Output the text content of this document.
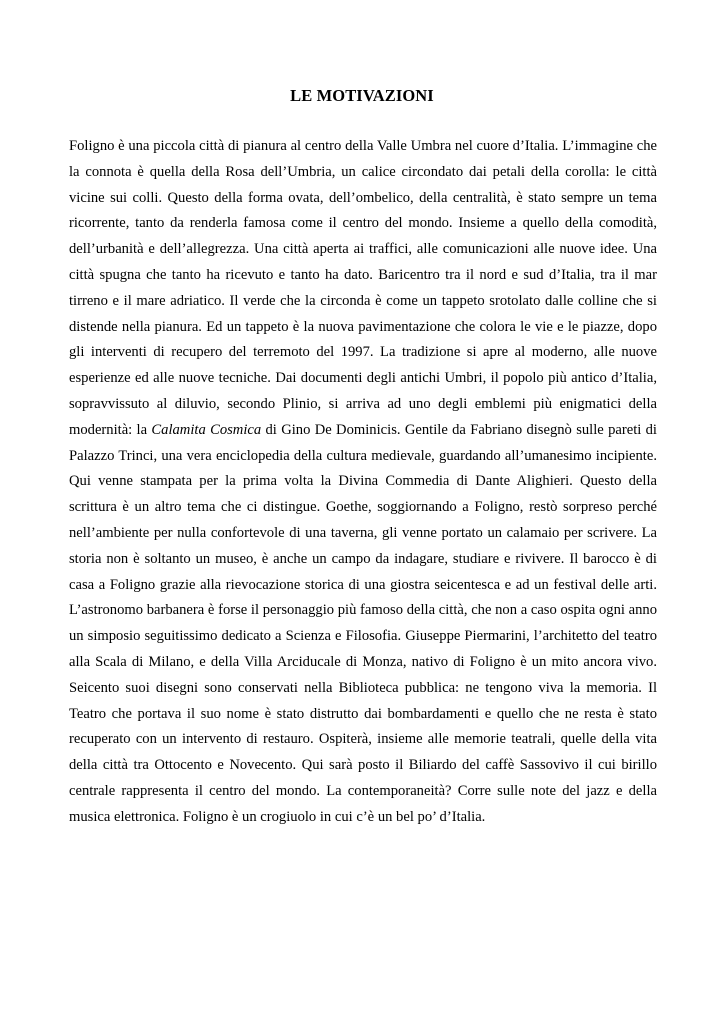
LE MOTIVAZIONI

Foligno è una piccola città di pianura al centro della Valle Umbra nel cuore d’Italia. L’immagine che la connota è quella della Rosa dell’Umbria, un calice circondato dai petali della corolla: le città vicine sui colli. Questo della forma ovata, dell’ombelico, della centralità, è stato sempre un tema ricorrente, tanto da renderla famosa come il centro del mondo. Insieme a quello della comodità, dell’urbanità e dell’allegrezza. Una città aperta ai traffici, alle comunicazioni alle nuove idee. Una città spugna che tanto ha ricevuto e tanto ha dato. Baricentro tra il nord e sud d’Italia, tra il mar tirreno e il mare adriatico. Il verde che la circonda è come un tappeto srotolato dalle colline che si distende nella pianura. Ed un tappeto è la nuova pavimentazione che colora le vie e le piazze, dopo gli interventi di recupero del terremoto del 1997. La tradizione si apre al moderno, alle nuove esperienze ed alle nuove tecniche. Dai documenti degli antichi Umbri, il popolo più antico d’Italia, sopravvissuto al diluvio, secondo Plinio, si arriva ad uno degli emblemi più enigmatici della modernità: la Calamita Cosmica di Gino De Dominicis. Gentile da Fabriano disegnò sulle pareti di Palazzo Trinci, una vera enciclopedia della cultura medievale, guardando all’umanesimo incipiente. Qui venne stampata per la prima volta la Divina Commedia di Dante Alighieri. Questo della scrittura è un altro tema che ci distingue. Goethe, soggiornando a Foligno, restò sorpreso perché nell’ambiente per nulla confortevole di una taverna, gli venne portato un calamaio per scrivere. La storia non è soltanto un museo, è anche un campo da indagare, studiare e rivivere. Il barocco è di casa a Foligno grazie alla rievocazione storica di una giostra seicentesca e ad un festival delle arti. L’astronomo barbanera è forse il personaggio più famoso della città, che non a caso ospita ogni anno un simposio seguitissimo dedicato a Scienza e Filosofia. Giuseppe Piermarini, l’architetto del teatro alla Scala di Milano, e della Villa Arciducale di Monza, nativo di Foligno è un mito ancora vivo. Seicento suoi disegni sono conservati nella Biblioteca pubblica: ne tengono viva la memoria. Il Teatro che portava il suo nome è stato distrutto dai bombardamenti e quello che ne resta è stato recuperato con un intervento di restauro. Ospiterà, insieme alle memorie teatrali, quelle della vita della città tra Ottocento e Novecento. Qui sarà posto il Biliardo del caffè Sassovivo il cui birillo centrale rappresenta il centro del mondo. La contemporaneità? Corre sulle note del jazz e della musica elettronica. Foligno è un crogiuolo in cui c’è un bel po’ d’Italia.
